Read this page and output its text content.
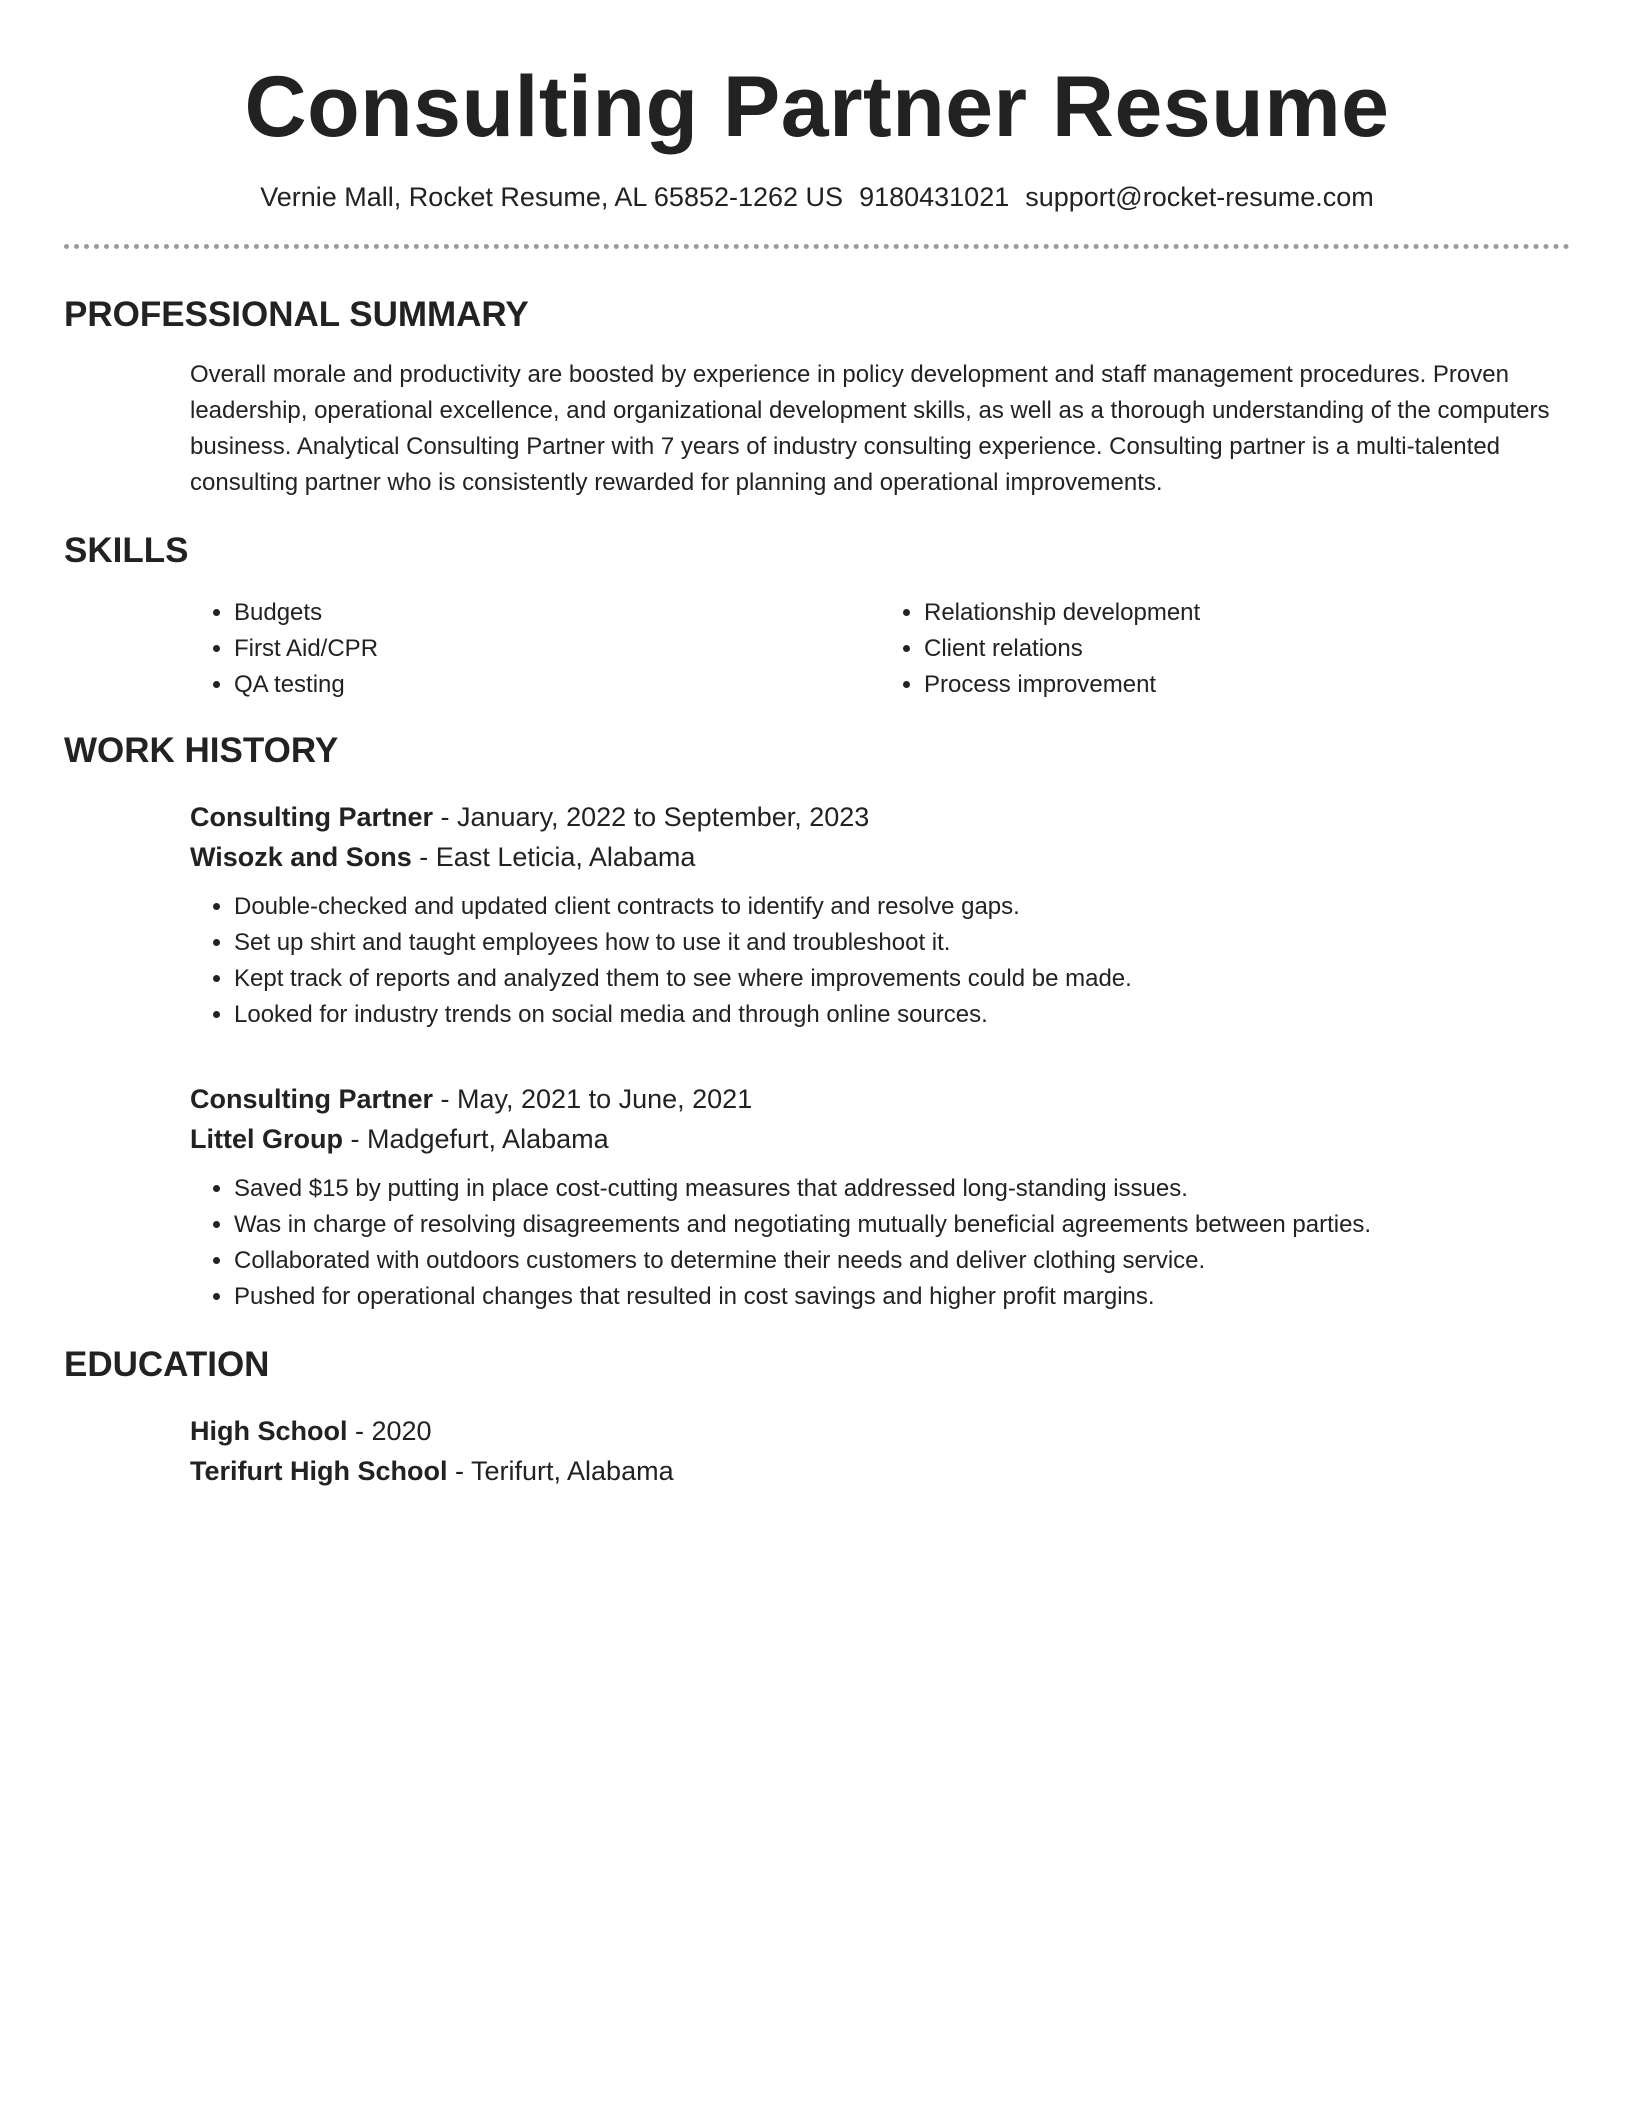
Consulting Partner Resume
Vernie Mall, Rocket Resume, AL 65852-1262 US 9180431021 support@rocket-resume.com
PROFESSIONAL SUMMARY
Overall morale and productivity are boosted by experience in policy development and staff management procedures. Proven leadership, operational excellence, and organizational development skills, as well as a thorough understanding of the computers business. Analytical Consulting Partner with 7 years of industry consulting experience. Consulting partner is a multi-talented consulting partner who is consistently rewarded for planning and operational improvements.
SKILLS
• Budgets
• First Aid/CPR
• QA testing
• Relationship development
• Client relations
• Process improvement
WORK HISTORY
Consulting Partner - January, 2022 to September, 2023
Wisozk and Sons - East Leticia, Alabama
• Double-checked and updated client contracts to identify and resolve gaps.
• Set up shirt and taught employees how to use it and troubleshoot it.
• Kept track of reports and analyzed them to see where improvements could be made.
• Looked for industry trends on social media and through online sources.
Consulting Partner - May, 2021 to June, 2021
Littel Group - Madgefurt, Alabama
• Saved $15 by putting in place cost-cutting measures that addressed long-standing issues.
• Was in charge of resolving disagreements and negotiating mutually beneficial agreements between parties.
• Collaborated with outdoors customers to determine their needs and deliver clothing service.
• Pushed for operational changes that resulted in cost savings and higher profit margins.
EDUCATION
High School - 2020
Terifurt High School - Terifurt, Alabama
